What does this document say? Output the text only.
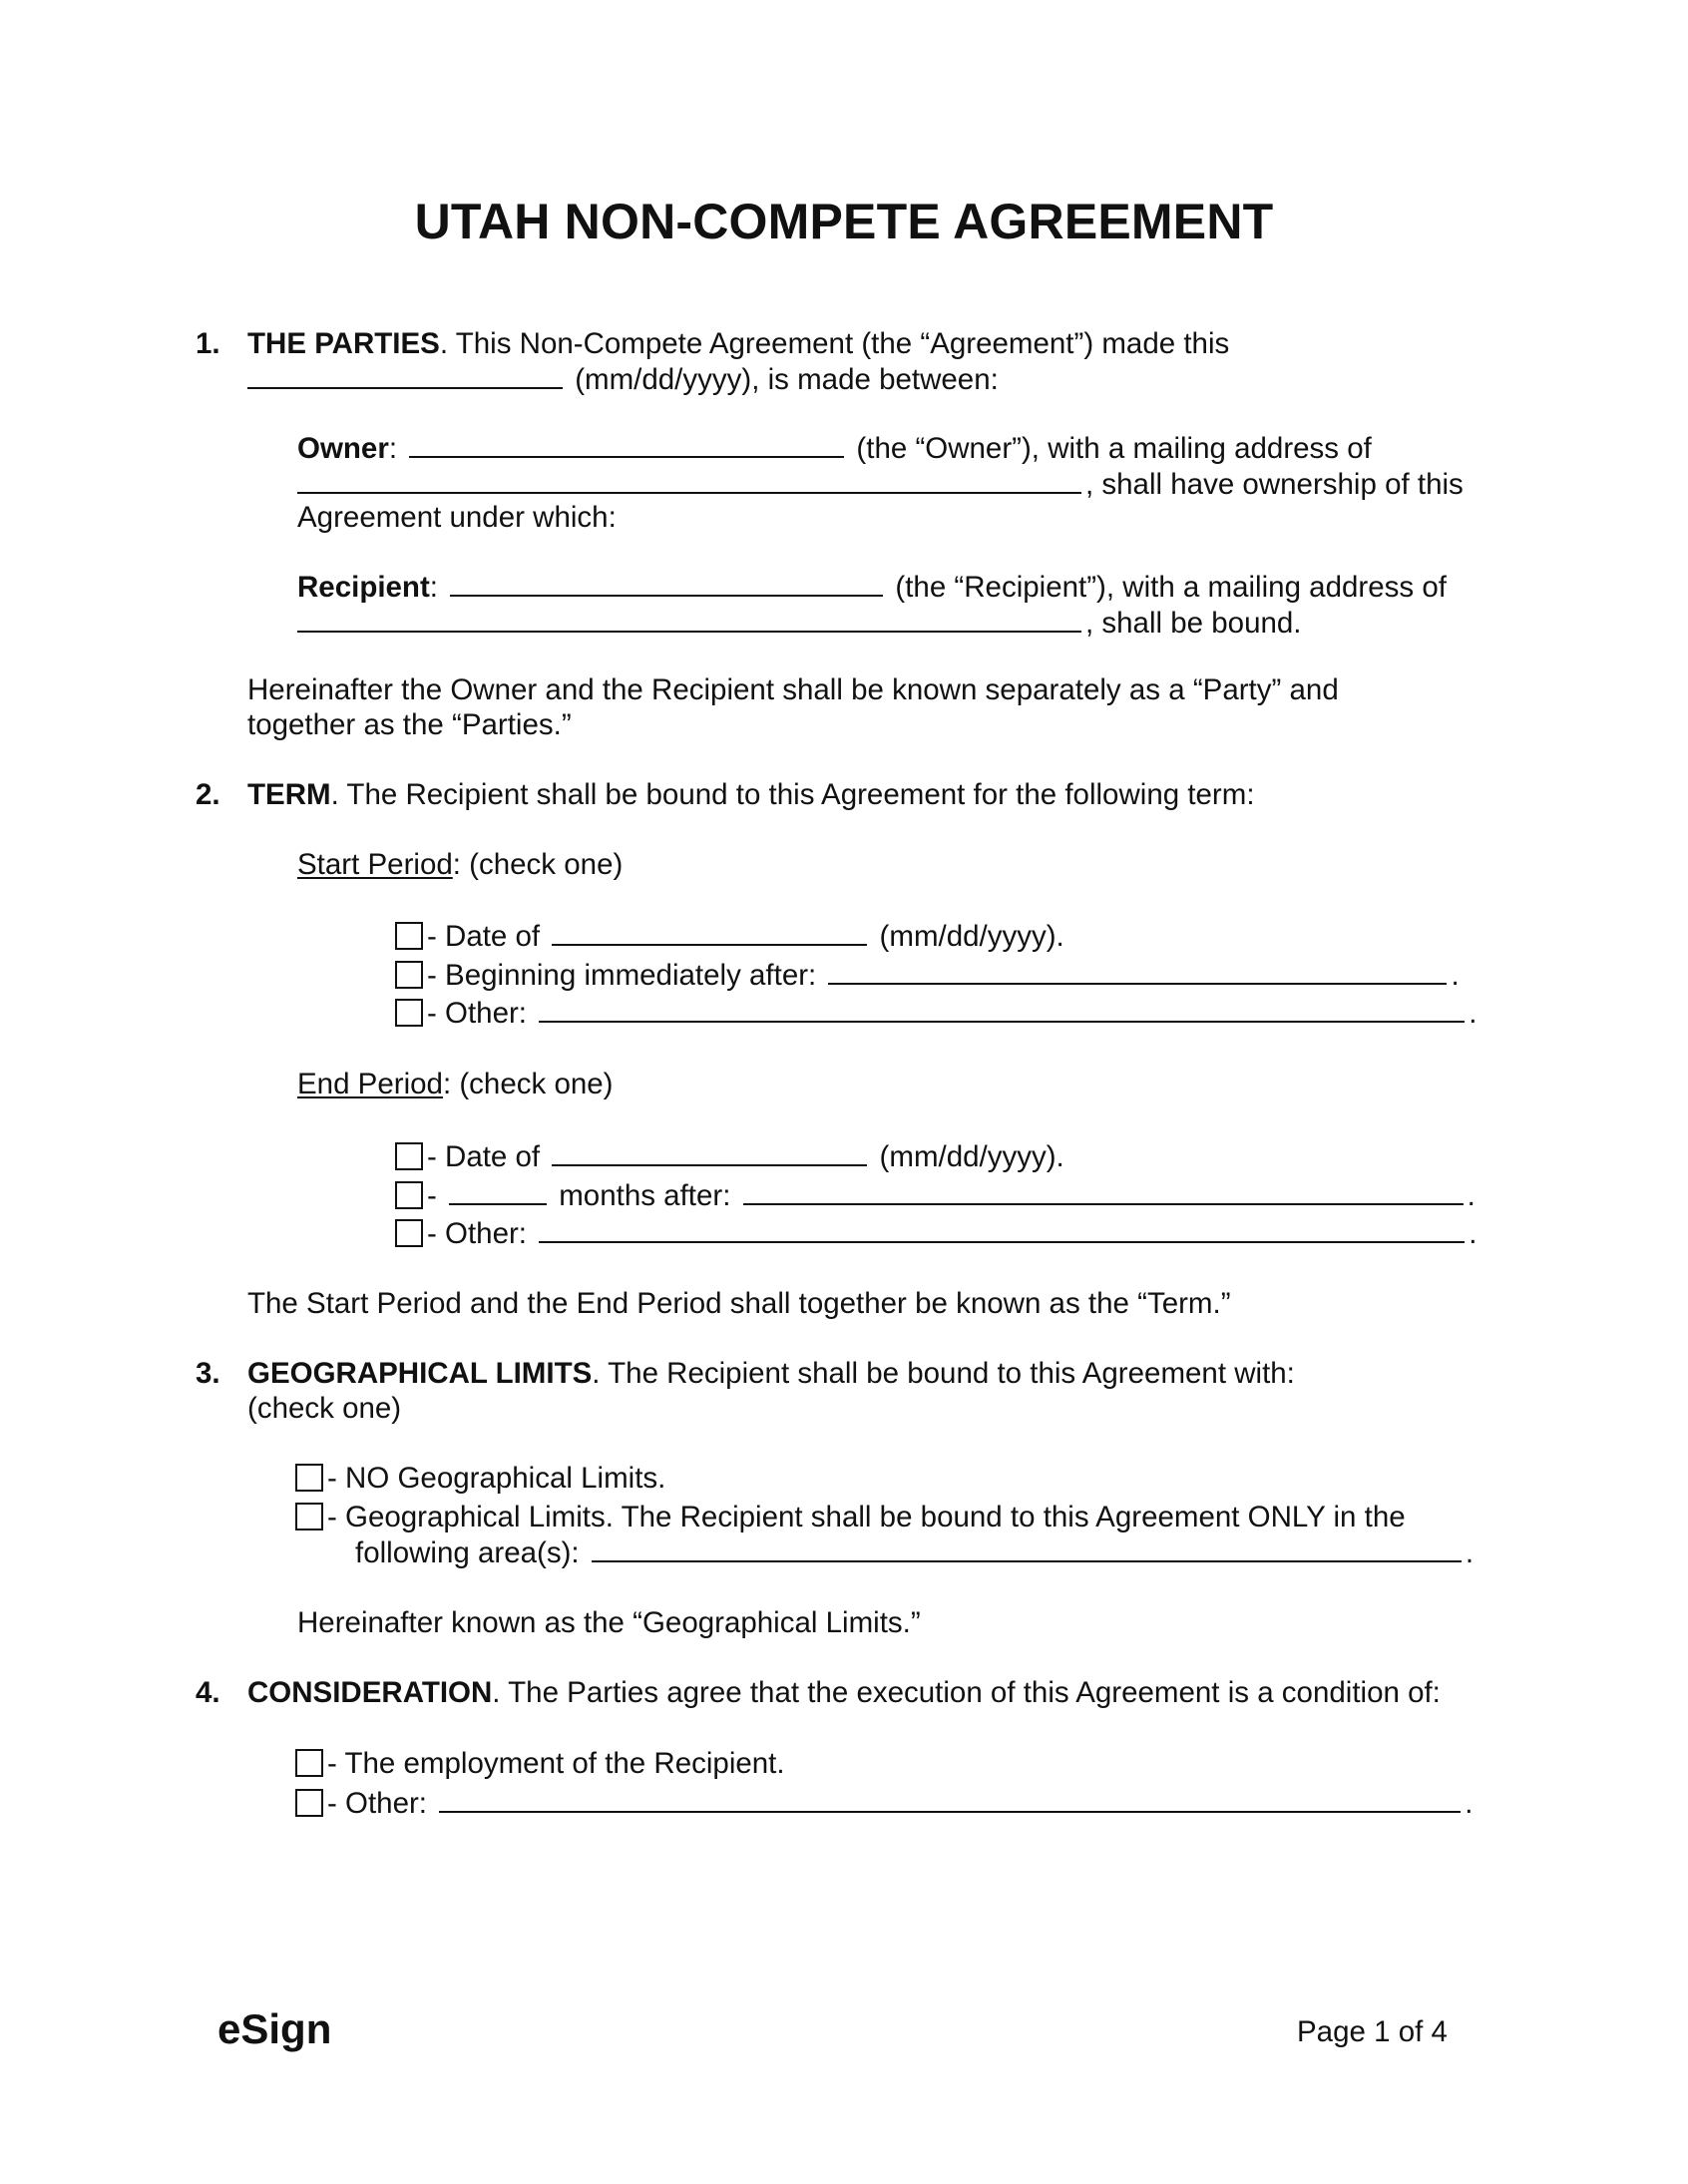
UTAH NON-COMPETE AGREEMENT
1. THE PARTIES. This Non-Compete Agreement (the “Agreement”) made this
(mm/dd/yyyy), is made between:
Owner:	(the “Owner”), with a mailing address of
, shall have ownership of this
Agreement under which:
Recipient:	(the “Recipient”), with a mailing address of
, shall be bound.
Hereinafter the Owner and the Recipient shall be known separately as a “Party” and
together as the “Parties.”
2. TERM. The Recipient shall be bound to this Agreement for the following term:
Start Period: (check one)
- Date of	(mm/dd/yyyy).
- Beginning immediately after:	.
- Other:	.
End Period: (check one)
- Date of	(mm/dd/yyyy).
-	months after:	.
- Other:	.
The Start Period and the End Period shall together be known as the “Term.”
3. GEOGRAPHICAL LIMITS. The Recipient shall be bound to this Agreement with:
(check one)
- NO Geographical Limits.
- Geographical Limits. The Recipient shall be bound to this Agreement ONLY in the
following area(s):	.
Hereinafter known as the “Geographical Limits.”
4. CONSIDERATION. The Parties agree that the execution of this Agreement is a condition of:
- The employment of the Recipient.
- Other:	.
eSign	Page 1 of 4
